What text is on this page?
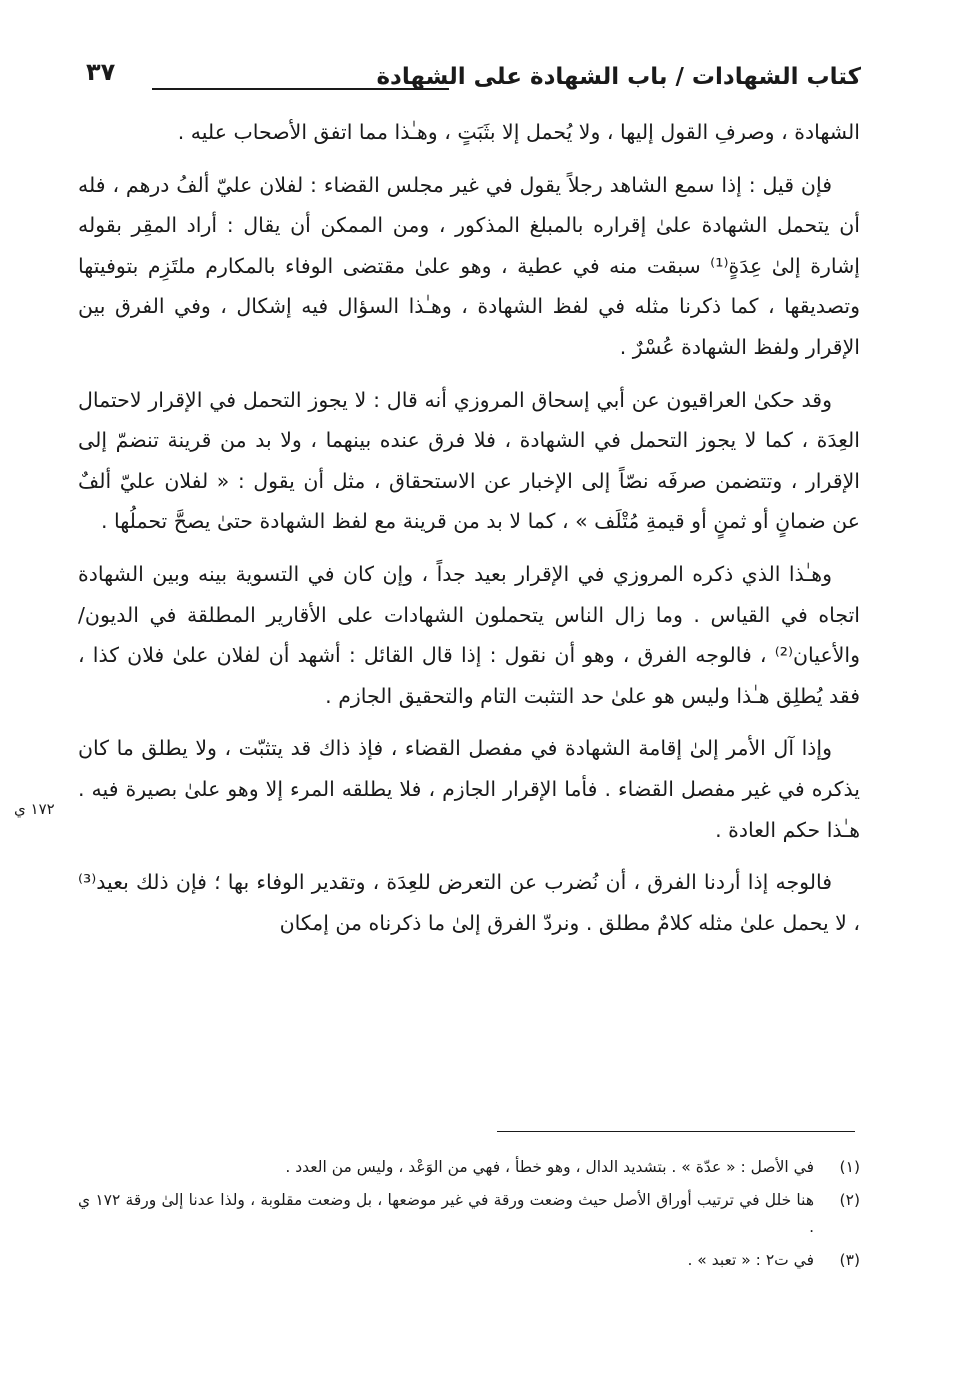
كتاب الشهادات / باب الشهادة على الشهادة
٣٧

الشهادة ، وصرفِ القول إليها ، ولا يُحمل إلا بثَبَتٍ ، وهـٰذا مما اتفق الأصحاب عليه .

فإن قيل : إذا سمع الشاهد رجلاً يقول في غير مجلس القضاء : لفلان عليّ ألفُ درهم ، فله أن يتحمل الشهادة علىٰ إقراره بالمبلغ المذكور ، ومن الممكن أن يقال : أراد المقِر بقوله إشارة إلىٰ عِدَةٍ⁽¹⁾ سبقت منه في عطية ، وهو علىٰ مقتضى الوفاء بالمكارم ملتَزِم بتوفيتها وتصديقها ، كما ذكرنا مثله في لفظ الشهادة ، وهـٰذا السؤال فيه إشكال ، وفي الفرق بين الإقرار ولفظ الشهادة عُسْرٌ .

وقد حكىٰ العراقيون عن أبي إسحاق المروزي أنه قال : لا يجوز التحمل في الإقرار لاحتمال العِدَة ، كما لا يجوز التحمل في الشهادة ، فلا فرق عنده بينهما ، ولا بد من قرينة تنضمّ إلى الإقرار ، وتتضمن صرفَه نصّاً إلى الإخبار عن الاستحقاق ، مثل أن يقول : « لفلان عليّ ألفٌ عن ضمانٍ أو ثمنٍ أو قيمةِ مُتْلَف » ، كما لا بد من قرينة مع لفظ الشهادة حتىٰ يصحَّ تحملُها .

وهـٰذا الذي ذكره المروزي في الإقرار بعيد جداً ، وإن كان في التسوية بينه وبين الشهادة اتجاه في القياس . وما زال الناس يتحملون الشهادات على الأقارير المطلقة في الديون/ والأعيان⁽²⁾ ، فالوجه الفرق ، وهو أن نقول : إذا قال القائل : أشهد أن لفلان علىٰ فلان كذا ، فقد يُطلِق هـٰذا وليس هو علىٰ حد التثبت التام والتحقيق الجازم .

وإذا آل الأمر إلىٰ إقامة الشهادة في مفصل القضاء ، فإذ ذاك قد يتثبّت ، ولا يطلق ما كان يذكره في غير مفصل القضاء . فأما الإقرار الجازم ، فلا يطلقه المرء إلا وهو علىٰ بصيرة فيه . هـٰذا حكم العادة .

فالوجه إذا أردنا الفرق ، أن نُضرب عن التعرض للعِدَة ، وتقدير الوفاء بها ؛ فإن ذلك بعيد⁽³⁾ ، لا يحمل علىٰ مثله كلامٌ مطلق . ونردّ الفرق إلىٰ ما ذكرناه من إمكان

١٧٢ ي
(١)
في الأصل : « عدّة » . بتشديد الدال ، وهو خطأ ، فهي من الوَعْد ، وليس من العدد .
(٢)
هنا خلل في ترتيب أوراق الأصل حيث وضعت ورقة في غير موضعها ، بل وضعت مقلوبة ، ولذا عدنا إلىٰ ورقة ١٧٢ ي .
(٣)
في ت٢ : « تعبد » .
